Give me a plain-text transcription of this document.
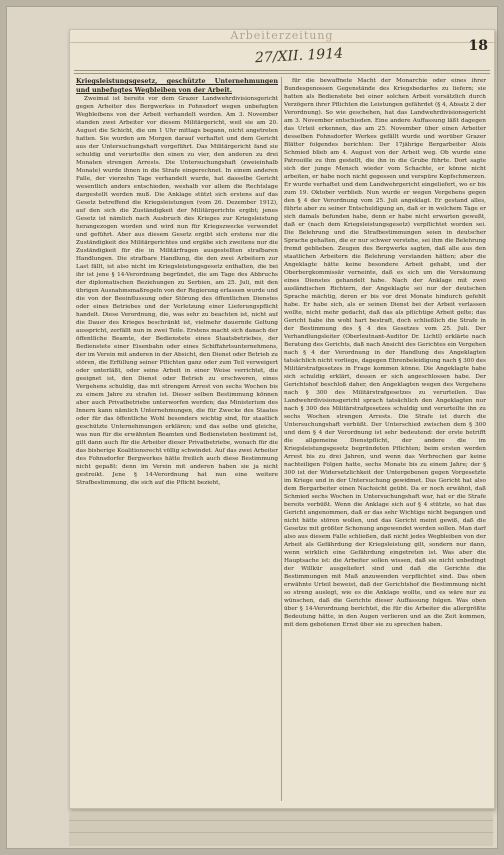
Arbeiterzeitung
18
27/XII. 1914
Kriegsleistungsgesetz, geschützte Unternehmungen und unbefugtes Wegbleiben von der Arbeit.

Zweimal ist bereits vor dem Grazer Landwehrdivisionsgericht gegen Arbeiter des Bergwerkes in Fohnsdorf wegen unbefugten Wegbleibens von der Arbeit verhandelt worden. Am 3. November standen zwei Arbeiter vor diesem Militärgericht, weil sie am 20. August die Schicht, die um 1 Uhr mittags begann, nicht angetreten hatten. Sie wurden am Morgen darauf verhaftet und dem Gericht aus der Untersuchungshaft vorgeführt. Das Militärgericht fand sie schuldig und verurteilte den einen zu vier, den anderen zu drei Monaten strengen Arrests. Die Untersuchungshaft (zweieinhalb Monate) wurde ihnen in die Strafe eingerechnet. In einem anderen Falle, der vierzehn Tage verhandelt wurde, hat dasselbe Gericht wesentlich anders entschieden, weshalb vor allem die Rechtslage dargestellt werden muß. Die Anklage stützt sich erstens auf das Gesetz betreffend die Kriegsleistungen (vom 26. Dezember 1912), auf den sich die Zuständigkeit der Militärgerichte ergibt; jenes Gesetz ist nämlich nach Ausbruch des Krieges zur Kriegsleistung herangezogen worden und wird nun für Kriegszwecke verwendet und geführt. Aber aus diesem Gesetz ergibt sich erstens nur die Zuständigkeit des Militärgerichtes und ergäbe sich zweitens nur die Zuständigkeit für die in Militärfragen ausgestellten strafbaren Handlungen. Die strafbare Handlung, die den zwei Arbeitern zur Last fällt, ist also nicht im Kriegsleistungsgesetz enthalten, die bei ihr ist jene § 14-Verordnung begründet, die am Tage des Abbruchs der diplomatischen Beziehungen zu Serbien, am 25. Juli, mit den übrigen Ausnahmsmaßregeln von der Regierung erlassen wurde und die von der Beeinflussung oder Störung des öffentlichen Dienstes oder eines Betriebes und der Verletzung einer Lieferungspflicht handelt. Diese Verordnung, die, was sehr zu beachten ist, nicht auf die Dauer des Krieges beschränkt ist, vielmehr dauernde Geltung ausspricht, zerfällt nun in zwei Teile. Erstens macht sich danach der öffentliche Beamte, der Bedienstete eines Staatsbetriebes, der Bedienstete einer Eisenbahn oder eines Schiffahrtsunternehmens, der im Verein mit anderen in der Absicht, den Dienst oder Betrieb zu stören, die Erfüllung seiner Pflichten ganz oder zum Teil verweigert oder unterläßt, oder seine Arbeit in einer Weise verrichtet, die geeignet ist, den Dienst oder Betrieb zu erschweren, eines Vergehens schuldig, das mit strengem Arrest von sechs Wochen bis zu einem Jahre zu strafen ist. Dieser selben Bestimmung können aber auch Privatbetriebe unterworfen werden; das Ministerium des Innern kann nämlich Unternehmungen, die für Zwecke des Staates oder für das öffentliche Wohl besonders wichtig sind, für staatlich geschützte Unternehmungen erklären; und das selbe und gleiche, was nun für die erwähnten Beamten und Bediensteten bestimmt ist, gilt dann auch für die Arbeiter dieser Privatbetriebe, wonach für die das bisherige Koalitionsrecht völlig schwindet. Auf das zwei Arbeiter des Fohnsdorfer Bergwerkes hätte freilich auch diese Bestimmung nicht gepaßt: denn im Verein mit anderen haben sie ja nicht gestreikt. Jene § 14-Verordnung hat nun eine weitere Strafbestimmung, die sich auf die Pflicht bezieht,

für die bewaffnete Macht der Monarchie oder eines ihrer Bundesgenossen Gegenstände des Kriegsbedarfes zu liefern; sie hatten als Bedienstete bei einer solchen Arbeit vorsätzlich durch Verzögern ihrer Pflichten die Leistungen gefährdet (§ 4, Absatz 2 der Verordnung). So wie geschehen, hat das Landwehrdivisionsgericht am 3. November entschieden. Eine andere Auffassung läßt dagegen das Urteil erkennen, das am 25. November über einen Arbeiter desselben Fohnsdorfer Werkes gefällt wurde und worüber Grazer Blätter folgendes berichten: Der 17jährige Bergarbeiter Alois Schmied blieb am 4. August von der Arbeit weg. Ob wurde eine Patrouille zu ihm gestellt, die ihn in die Grube führte. Dort sagte sich der junge Mensch wieder vom Schachte, er könne nicht arbeiten, er habe noch nicht gegessen und verspüre Kopfschmerzen. Er wurde verhaftet und dem Landwehrgericht eingeliefert, wo er bis zum 19. Oktober verblieb. Nun wurde er wegen Vergehens gegen den § 4 der Verordnung vom 25. Juli angeklagt. Er gestand alles, führte aber zu seiner Entschuldigung an, daß er in welchem Tage er sich damals befunden habe, denn er habe nicht erwarten gewußt, daß er (nach dem Kriegsleistungsgesetz) verpflichtet worden sei. Die Belehrung und die Strafbestimmungen seien in deutscher Sprache gehalten, die er nur schwer verstehe, sei ihm die Belehrung fremd geblieben. Zeugen des Bergwerks sagten, daß alle aus den staatlichen Arbeitern die Belehrung verstanden hätten; aber die Angeklagte hätte keine besondere Arbeit gehabt, und der Oberbergkommissär verneinte, daß es sich um die Versäumung eines Dienstes gehandelt habe. Nach der Anklage mit zwei ausländischen Richtern, der Angeklagte sei nur der deutschen Sprache mächtig, deren er bis vor drei Monate hindurch gefehlt habe. Er habe sich, als er seinen Dienst bei der Arbeit verlassen wollte, nicht mehr gedacht, daß das als pflichtige Arbeit gelte; das Gericht habe ihn wohl hart bestraft, doch schließlich die Strafe in der Bestimmung des § 4 des Gesetzes vom 25. Juli. Der Verhandlungsleiter (Oberleutnant-Auditor Dr. Lichtl) erklärte nach Beratung des Gerichts, daß nach Ansicht des Gerichtes ein Vergehen nach § 4 der Verordnung in der Handlung des Angeklagten tatsächlich nicht vorliege, dagegen Ehrenbeleidigung nach § 300 des Militärstrafgesetzes in Frage kommen könne. Die Angeklagte habe sich schuldig erklärt, dessen er sich angeschlossen habe. Der Gerichtshof beschloß daher, den Angeklagten wegen des Vergehens nach § 300 des Militärstrafgesetzes zu verurteilen. Das Landwehrdivisionsgericht sprach tatsächlich den Angeklagten nur nach § 300 des Militärstrafgesetzes schuldig und verurteilte ihn zu sechs Wochen strengen Arrests. Die Strafe ist durch die Untersuchungshaft verbüßt. Der Unterschied zwischen dem § 300 und dem § 4 der Verordnung ist sehr bedeutend: der erste betrifft die allgemeine Dienstpflicht, der andere die im Kriegsleistungsgesetz begründeten Pflichten; beim ersten werden Arrest bis zu drei Jahren, und wenn das Verbrechen gar keine nachteiligen Folgen hatte, sechs Monate bis zu einem Jahre; der § 300 ist der Widersetzlichkeit der Untergebenen gegen Vorgesetzte im Kriege und in der Untersuchung gewidmet. Das Gericht hat also dem Bergarbeiter einen Nachsicht geübt. Da er noch erwähnt, daß Schmied sechs Wochen in Untersuchungshaft war, hat er die Strafe bereits verbüßt. Wenn die Anklage sich auf § 4 stützte, so hat das Gericht angenommen, daß er das sehr Wichtige nicht begangen und nicht hätte stören wollen, und das Gericht meint gewiß, daß die Gesetze mit größter Schonung angewendet werden sollen. Man darf also aus diesem Falle schließen, daß nicht jedes Wegbleiben von der Arbeit als Gefährdung der Kriegsleistung gilt, sondern nur dann, wenn wirklich eine Gefährdung eingetreten ist. Was aber die Hauptsache ist: die Arbeiter sollen wissen, daß sie nicht unbedingt der Willkür ausgeliefert sind und daß die Gerichte die Bestimmungen mit Maß anzuwenden verpflichtet sind. Das oben erwähnte Urteil beweist, daß der Gerichtshof die Bestimmung nicht so streng auslegt, wie es die Anklage wollte, und es wäre nur zu wünschen, daß die Gerichte dieser Auffassung folgen. Was oben über § 14-Verordnung berichtet, die für die Arbeiter die allergrößte Bedeutung hätte, in den Augen verlieren und an die Zeit kommen, mit dem gebotenen Ernst über sie zu sprechen haben.
